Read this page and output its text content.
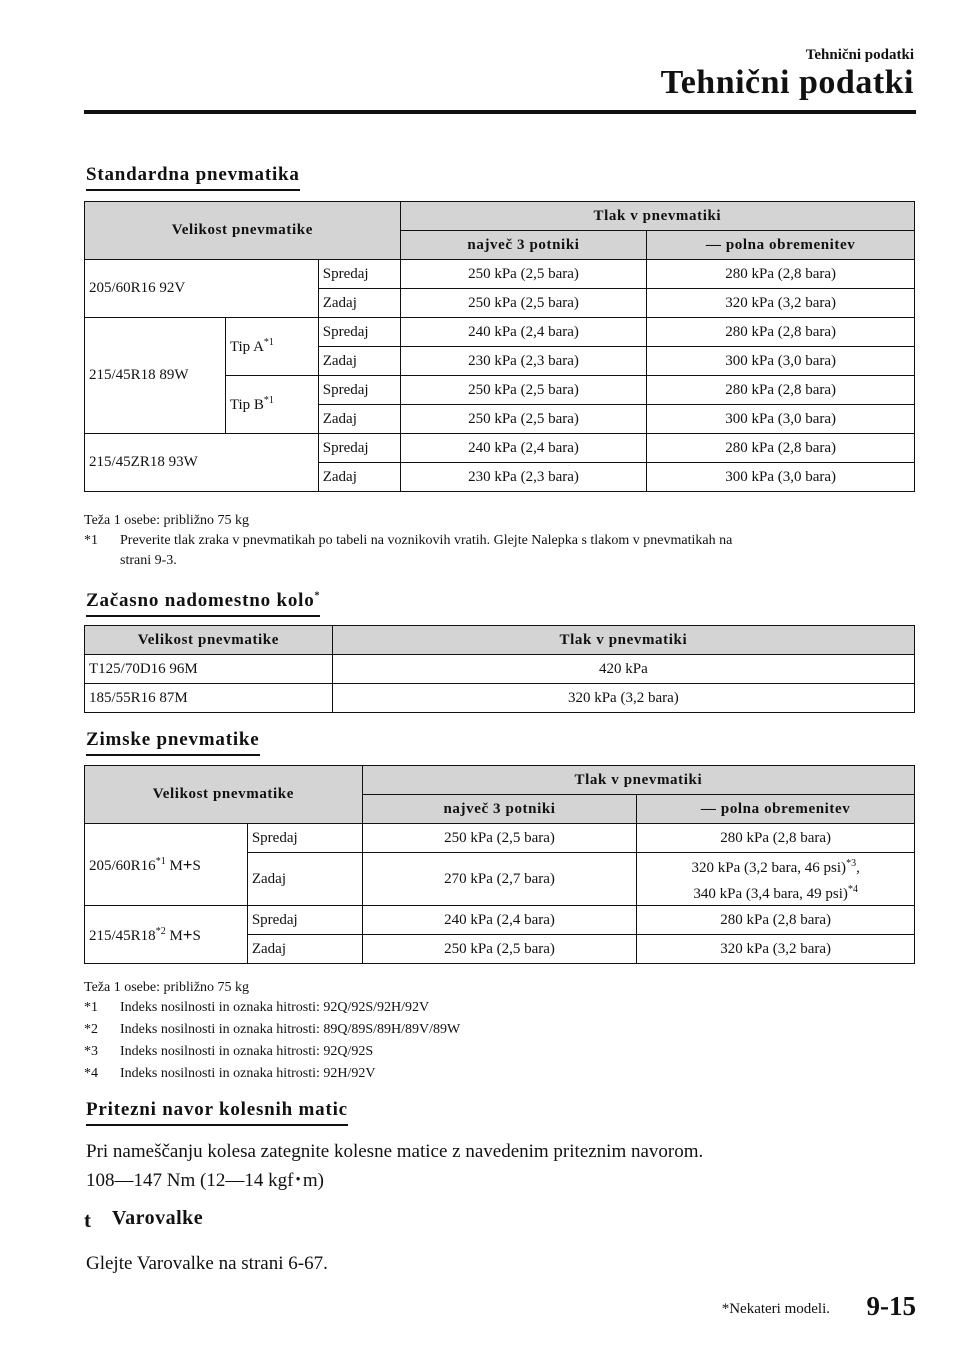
Tehnični podatki
Tehnični podatki
Standardna pnevmatika
Velikost pnevmatike			Tlak v pnevmatiki	
			največ 3 potniki	— polna obremenitev
205/60R16 92V		Spredaj	250 kPa (2,5 bara)	280 kPa (2,8 bara)
		Zadaj	250 kPa (2,5 bara)	320 kPa (3,2 bara)
215/45R18 89W	Tip $A^{*1}$	Spredaj	240 kPa (2,4 bara)	280 kPa (2,8 bara)
		Zadaj	230 kPa (2,3 bara)	300 kPa (3,0 bara)
	Tip $B^{*1}$	Spredaj	250 kPa (2,5 bara)	280 kPa (2,8 bara)
		Zadaj	250 kPa (2,5 bara)	300 kPa (3,0 bara)
215/45ZR18 93W		Spredaj	240 kPa (2,4 bara)	280 kPa (2,8 bara)
		Zadaj	230 kPa (2,3 bara)	300 kPa (3,0 bara)
Teža 1 osebe: približno 75 kg
*1 Preverite tlak zraka v pnevmatikah po tabeli na voznikovih vratih. Glejte Nalepka s tlakom v pnevmatikah na
strani 9-3.
Začasno nadomestno kolo*
Velikost pnevmatike	Tlak v pnevmatiki
T125/70D16 96M	420 kPa
185/55R16 87M	320 kPa (3,2 bara)
Zimske pnevmatike
Velikost pnevmatike		Tlak v pnevmatiki	
		največ 3 potniki	— polna obremenitev
205/60R16$^{*1}$ M+S	Spredaj	250 kPa (2,5 bara)	280 kPa (2,8 bara)
	Zadaj	270 kPa (2,7 bara)	320 kPa (3,2 bara, 46 psi)$^{*3}$,
340 kPa (3,4 bara, 49 psi)$^{*4}$
215/45R18$^{*2}$ M+S	Spredaj	240 kPa (2,4 bara)	280 kPa (2,8 bara)
	Zadaj	250 kPa (2,5 bara)	320 kPa (3,2 bara)
Teža 1 osebe: približno 75 kg
*1 Indeks nosilnosti in oznaka hitrosti: 92Q/92S/92H/92V
*2 Indeks nosilnosti in oznaka hitrosti: 89Q/89S/89H/89V/89W
*3 Indeks nosilnosti in oznaka hitrosti: 92Q/92S
*4 Indeks nosilnosti in oznaka hitrosti: 92H/92V
Pritezni navor kolesnih matic
Pri nameščanju kolesa zategnite kolesne matice z navedenim priteznim navorom.
108―147 Nm (12―14 kgf･m)
t Varovalke
Glejte Varovalke na strani 6-67.
*Nekateri modeli. 9-15
